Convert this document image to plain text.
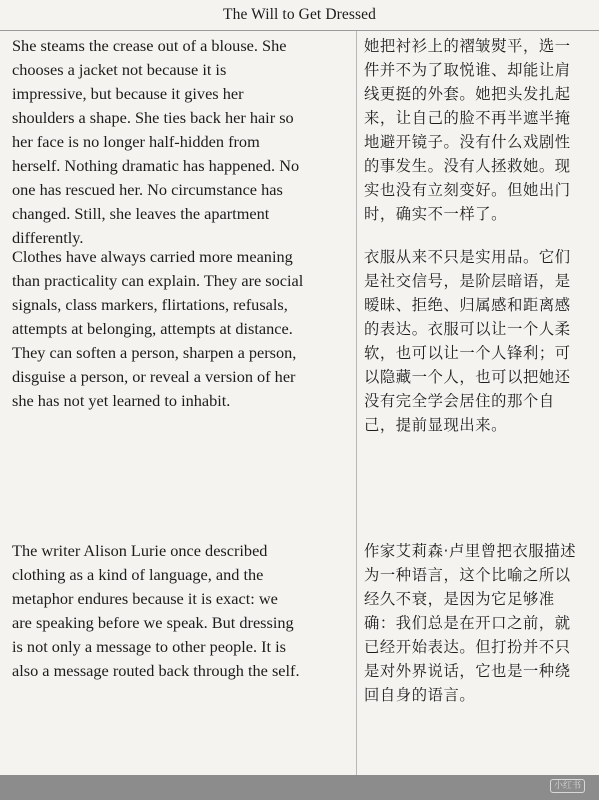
The Will to Get Dressed

She steams the crease out of a blouse. She
chooses a jacket not because it is
impressive, but because it gives her
shoulders a shape. She ties back her hair so
her face is no longer half-hidden from
herself. Nothing dramatic has happened. No
one has rescued her. No circumstance has
changed. Still, she leaves the apartment
differently.

她把衬衫上的褶皱熨平，选一
件并不为了取悦谁、却能让肩
线更挺的外套。她把头发扎起
来，让自己的脸不再半遮半掩
地避开镜子。没有什么戏剧性
的事发生。没有人拯救她。现
实也没有立刻变好。但她出门
时，确实不一样了。

Clothes have always carried more meaning
than practicality can explain. They are social
signals, class markers, flirtations, refusals,
attempts at belonging, attempts at distance.
They can soften a person, sharpen a person,
disguise a person, or reveal a version of her
she has not yet learned to inhabit.

衣服从来不只是实用品。它们
是社交信号，是阶层暗语，是
暧昧、拒绝、归属感和距离感
的表达。衣服可以让一个人柔
软，也可以让一个人锋利；可
以隐藏一个人，也可以把她还
没有完全学会居住的那个自
己，提前显现出来。

The writer Alison Lurie once described
clothing as a kind of language, and the
metaphor endures because it is exact: we
are speaking before we speak. But dressing
is not only a message to other people. It is
also a message routed back through the self.

作家艾莉森·卢里曾把衣服描述
为一种语言，这个比喻之所以
经久不衰，是因为它足够准
确：我们总是在开口之前，就
已经开始表达。但打扮并不只
是对外界说话，它也是一种绕
回自身的语言。

小红书
